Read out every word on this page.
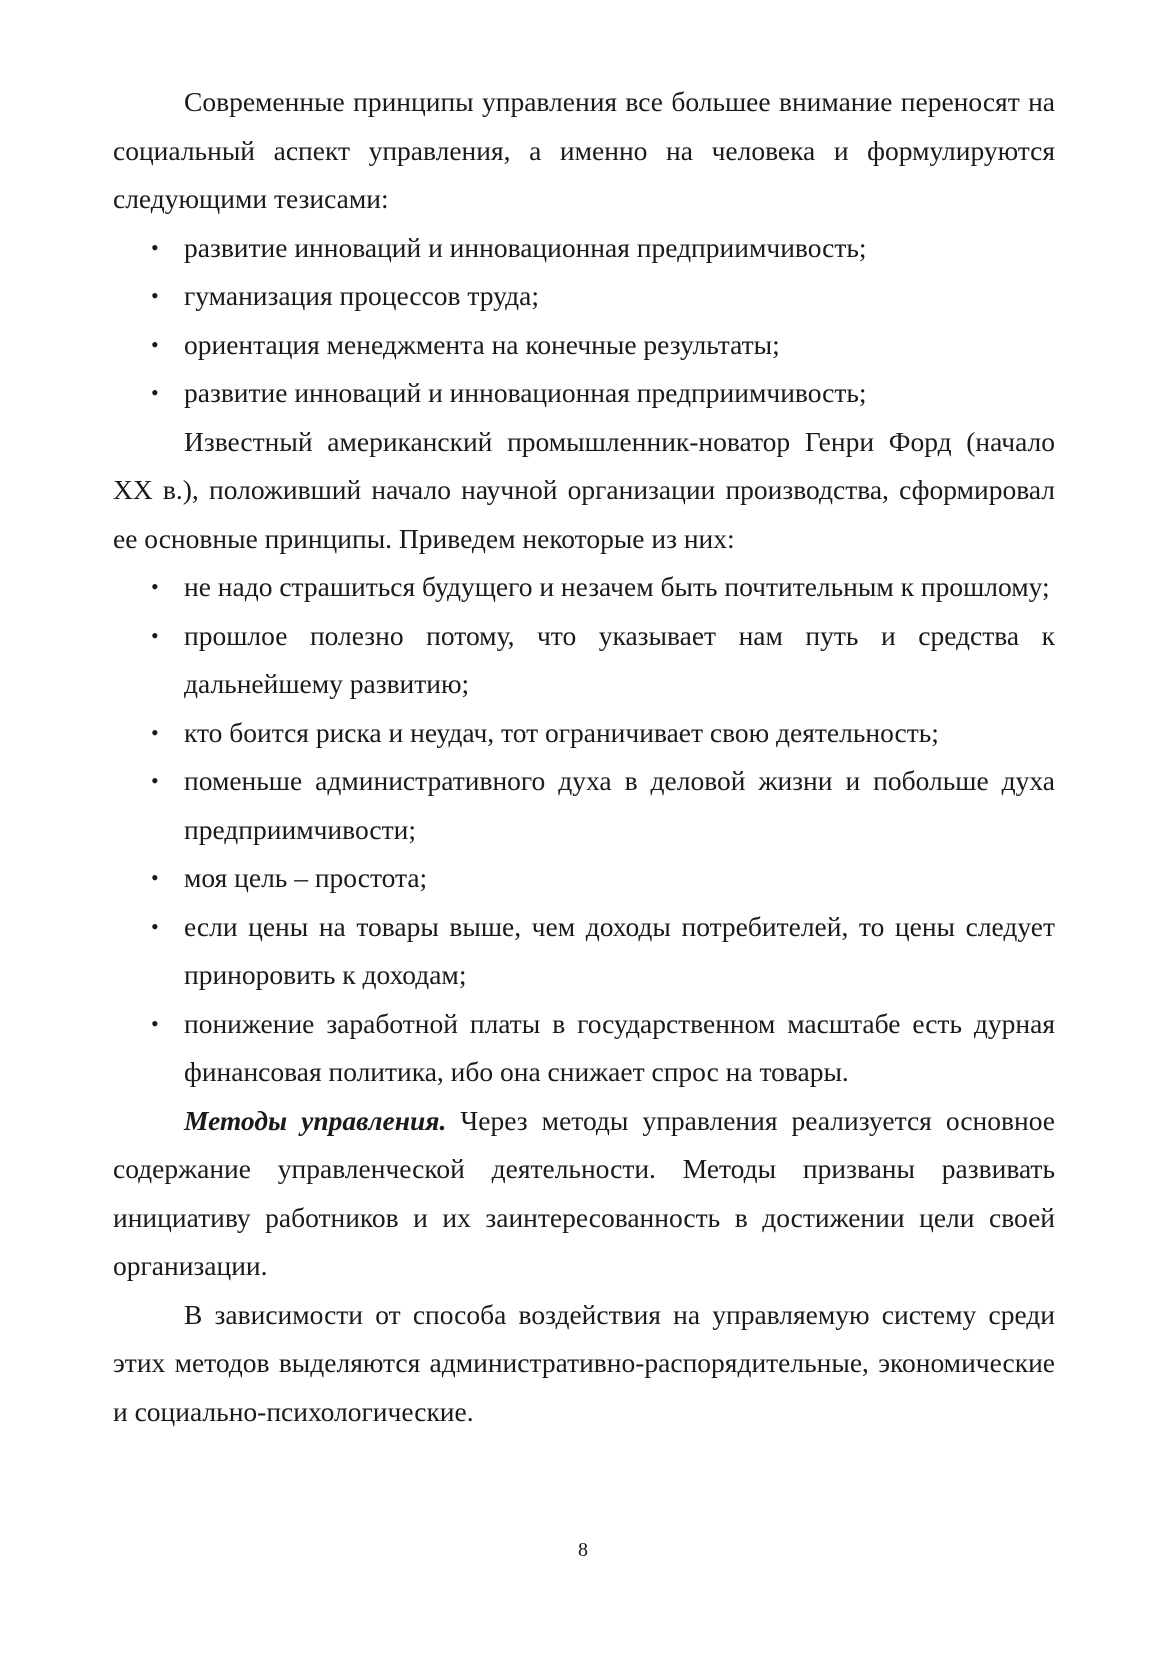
Современные принципы управления все большее внимание переносят на социальный аспект управления, а именно на человека и формулируются следующими тезисами:

• развитие инноваций и инновационная предприимчивость;
• гуманизация процессов труда;
• ориентация менеджмента на конечные результаты;
• развитие инноваций и инновационная предприимчивость;

Известный американский промышленник-новатор Генри Форд (начало XX в.), положивший начало научной организации производства, сформировал ее основные принципы. Приведем некоторые из них:

• не надо страшиться будущего и незачем быть почтительным к прошлому;
• прошлое полезно потому, что указывает нам путь и средства к дальнейшему развитию;
• кто боится риска и неудач, тот ограничивает свою деятельность;
• поменьше административного духа в деловой жизни и побольше духа предприимчивости;
• моя цель – простота;
• если цены на товары выше, чем доходы потребителей, то цены следует приноровить к доходам;
• понижение заработной платы в государственном масштабе есть дурная финансовая политика, ибо она снижает спрос на товары.

Методы управления. Через методы управления реализуется основное содержание управленческой деятельности. Методы призваны развивать инициативу работников и их заинтересованность в достижении цели своей организации.

В зависимости от способа воздействия на управляемую систему среди этих методов выделяются административно-распорядительные, экономические и социально-психологические.

8
